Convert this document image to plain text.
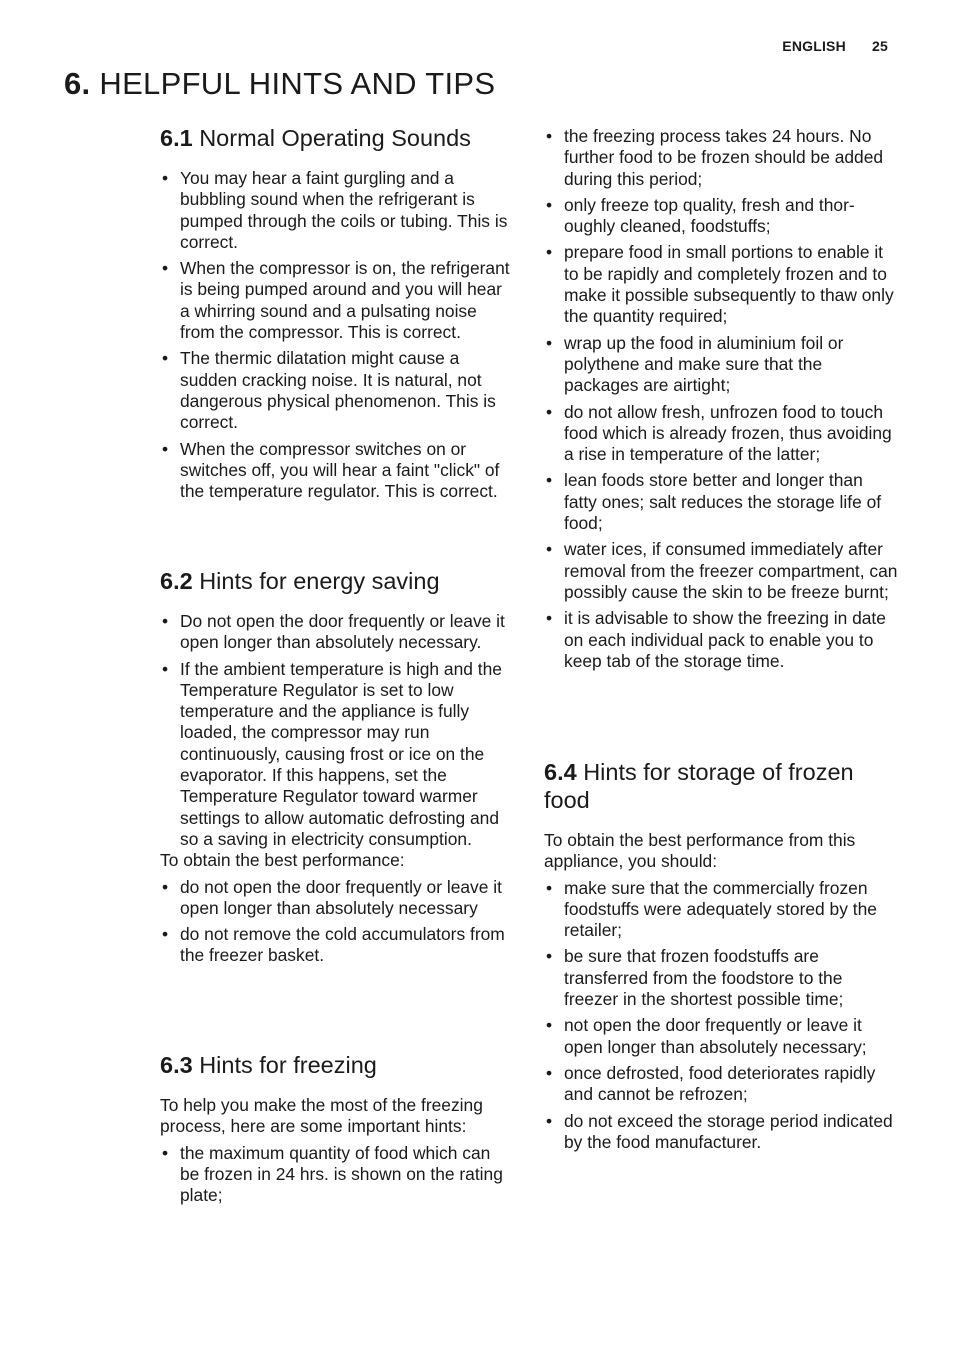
ENGLISH 25
6. HELPFUL HINTS AND TIPS
6.1 Normal Operating Sounds
• You may hear a faint gurgling and a bubbling sound when the refrigerant is pumped through the coils or tubing. This is correct.
• When the compressor is on, the refrigerant is being pumped around and you will hear a whirring sound and a pulsating noise from the compressor. This is correct.
• The thermic dilatation might cause a sudden cracking noise. It is natural, not dangerous physical phenomenon. This is correct.
• When the compressor switches on or switches off, you will hear a faint "click" of the temperature regulator. This is correct.
6.2 Hints for energy saving
• Do not open the door frequently or leave it open longer than absolutely necessary.
• If the ambient temperature is high and the Temperature Regulator is set to low temperature and the appliance is fully loaded, the compressor may run continuously, causing frost or ice on the evaporator. If this happens, set the Temperature Regulator toward warmer settings to allow automatic defrosting and so a saving in electricity consumption.

To obtain the best performance:

• do not open the door frequently or leave it open longer than absolutely necessary
• do not remove the cold accumulators from the freezer basket.
6.3 Hints for freezing

To help you make the most of the freezing process, here are some important hints:

• the maximum quantity of food which can be frozen in 24 hrs. is shown on the rating plate;
• the freezing process takes 24 hours. No further food to be frozen should be added during this period;
• only freeze top quality, fresh and thoroughly cleaned, foodstuffs;
• prepare food in small portions to enable it to be rapidly and completely frozen and to make it possible subsequently to thaw only the quantity required;
• wrap up the food in aluminium foil or polythene and make sure that the packages are airtight;
• do not allow fresh, unfrozen food to touch food which is already frozen, thus avoiding a rise in temperature of the latter;
• lean foods store better and longer than fatty ones; salt reduces the storage life of food;
• water ices, if consumed immediately after removal from the freezer compartment, can possibly cause the skin to be freeze burnt;
• it is advisable to show the freezing in date on each individual pack to enable you to keep tab of the storage time.
6.4 Hints for storage of frozen food

To obtain the best performance from this appliance, you should:

• make sure that the commercially frozen foodstuffs were adequately stored by the retailer;
• be sure that frozen foodstuffs are transferred from the foodstore to the freezer in the shortest possible time;
• not open the door frequently or leave it open longer than absolutely necessary;
• once defrosted, food deteriorates rapidly and cannot be refrozen;
• do not exceed the storage period indicated by the food manufacturer.
